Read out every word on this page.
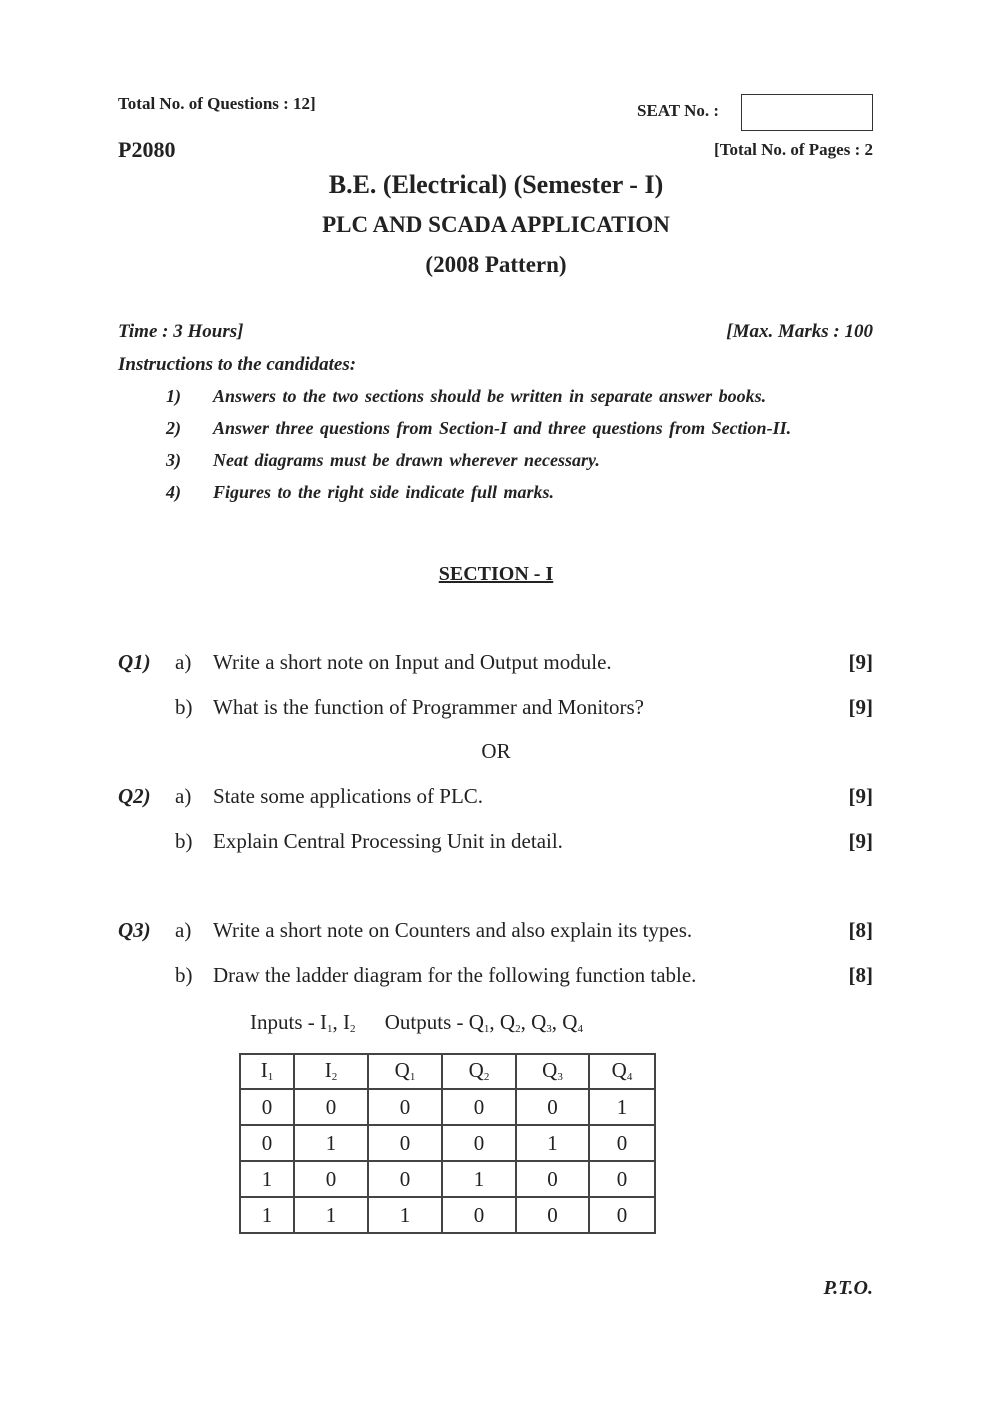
Total No. of Questions : 12]	SEAT No. :
P2080	[Total No. of Pages : 2
B.E. (Electrical) (Semester - I)
PLC AND SCADA APPLICATION
(2008 Pattern)
Time : 3 Hours]	[Max. Marks : 100
Instructions to the candidates:
1) Answers to the two sections should be written in separate answer books.
2) Answer three questions from Section-I and three questions from Section-II.
3) Neat diagrams must be drawn wherever necessary.
4) Figures to the right side indicate full marks.
SECTION - I
Q1) a) Write a short note on Input and Output module.	[9]
b) What is the function of Programmer and Monitors?	[9]
Q2) a) State some applications of PLC.	[9]
b) Explain Central Processing Unit in detail.	[9]
Q3) a) Write a short note on Counters and also explain its types.	[8]
b) Draw the ladder diagram for the following function table.	[8]
OR
Inputs - $I_1$, $I_2$ Outputs - $Q_1$, $Q_2$, $Q_3$, $Q_4$
$I_1$	$I_2$	$Q_1$	$Q_2$	$Q_3$	$Q_4$
0	0	0	0	0	1
0	1	0	0	1	0
1	0	0	1	0	0
1	1	1	0	0	0
P.T.O.
